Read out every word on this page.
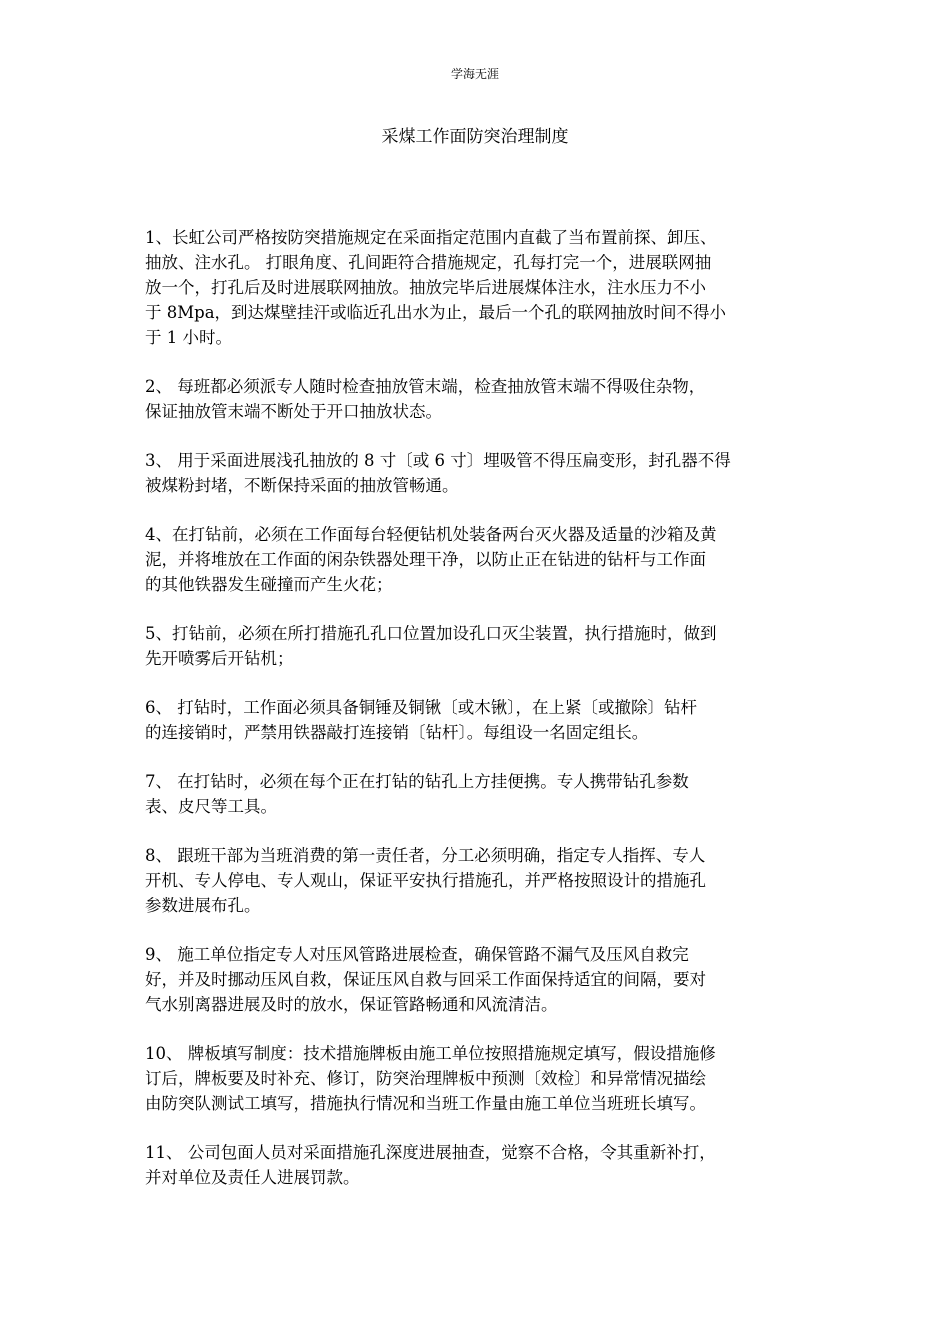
学海无涯
采煤工作面防突治理制度

1、长虹公司严格按防突措施规定在采面指定范围内直截了当布置前探、卸压、
抽放、注水孔。 打眼角度、孔间距符合措施规定，孔每打完一个，进展联网抽
放一个，打孔后及时进展联网抽放。抽放完毕后进展煤体注水，注水压力不小
于 8Mpa，到达煤壁挂汗或临近孔出水为止，最后一个孔的联网抽放时间不得小
于 1 小时。

2、 每班都必须派专人随时检查抽放管末端，检查抽放管末端不得吸住杂物，
保证抽放管末端不断处于开口抽放状态。

3、 用于采面进展浅孔抽放的 8 寸〔或 6 寸〕埋吸管不得压扁变形，封孔器不得
被煤粉封堵，不断保持采面的抽放管畅通。

4、在打钻前，必须在工作面每台轻便钻机处装备两台灭火器及适量的沙箱及黄
泥，并将堆放在工作面的闲杂铁器处理干净，以防止正在钻进的钻杆与工作面
的其他铁器发生碰撞而产生火花；

5、打钻前，必须在所打措施孔孔口位置加设孔口灭尘装置，执行措施时，做到
先开喷雾后开钻机；

6、 打钻时，工作面必须具备铜锤及铜锹〔或木锹〕，在上紧〔或撤除〕钻杆
的连接销时，严禁用铁器敲打连接销〔钻杆〕。每组设一名固定组长。

7、 在打钻时，必须在每个正在打钻的钻孔上方挂便携。专人携带钻孔参数
表、皮尺等工具。

8、 跟班干部为当班消费的第一责任者，分工必须明确，指定专人指挥、专人
开机、专人停电、专人观山，保证平安执行措施孔，并严格按照设计的措施孔
参数进展布孔。

9、 施工单位指定专人对压风管路进展检查，确保管路不漏气及压风自救完
好，并及时挪动压风自救，保证压风自救与回采工作面保持适宜的间隔，要对
气水别离器进展及时的放水，保证管路畅通和风流清洁。

10、 牌板填写制度：技术措施牌板由施工单位按照措施规定填写，假设措施修
订后，牌板要及时补充、修订，防突治理牌板中预测〔效检〕和异常情况描绘
由防突队测试工填写，措施执行情况和当班工作量由施工单位当班班长填写。

11、 公司包面人员对采面措施孔深度进展抽查，觉察不合格，令其重新补打，
并对单位及责任人进展罚款。
